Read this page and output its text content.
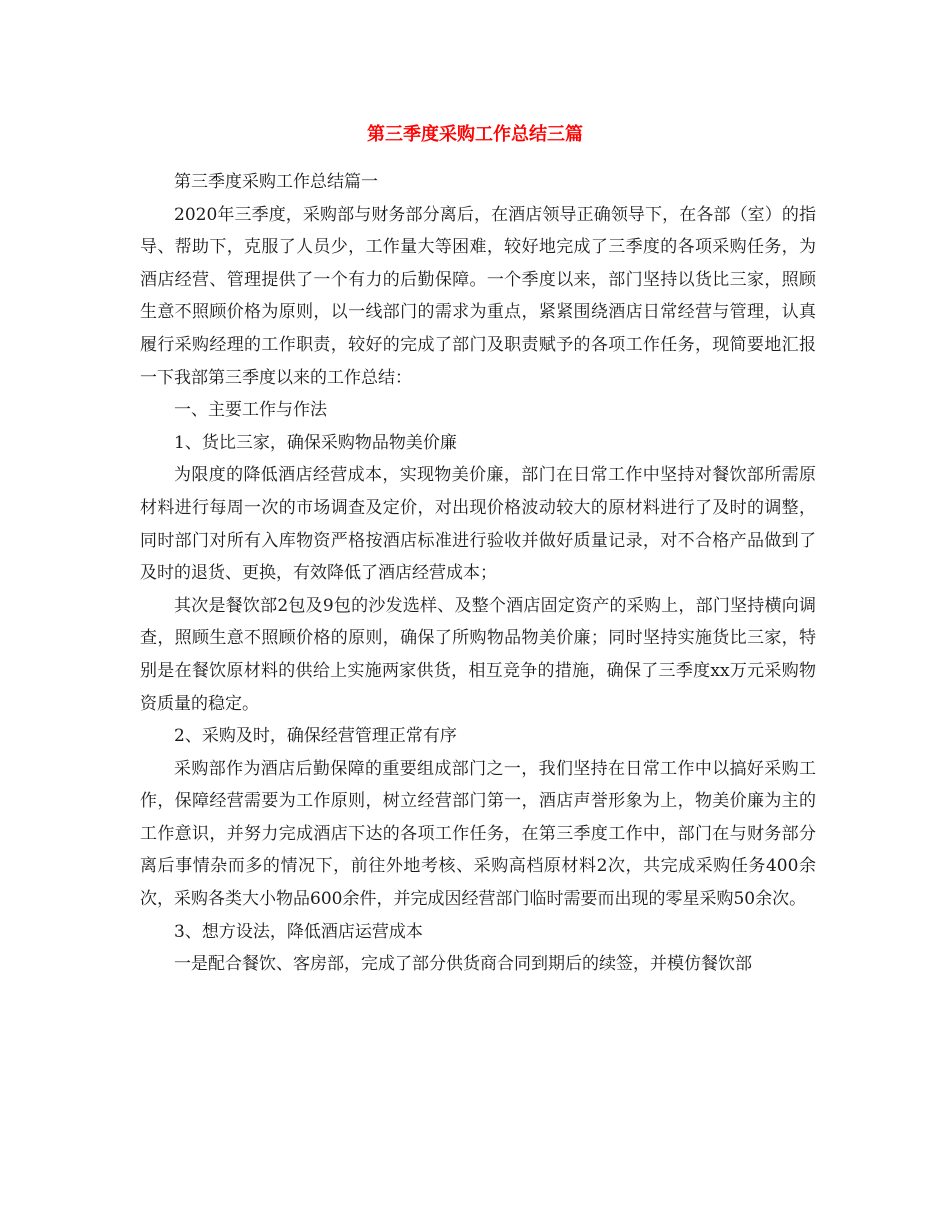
第三季度采购工作总结三篇

第三季度采购工作总结篇一

2020年三季度，采购部与财务部分离后，在酒店领导正确领导下，在各部（室）的指导、帮助下，克服了人员少，工作量大等困难，较好地完成了三季度的各项采购任务，为酒店经营、管理提供了一个有力的后勤保障。一个季度以来，部门坚持以货比三家，照顾生意不照顾价格为原则，以一线部门的需求为重点，紧紧围绕酒店日常经营与管理，认真履行采购经理的工作职责，较好的完成了部门及职责赋予的各项工作任务，现简要地汇报一下我部第三季度以来的工作总结：

一、主要工作与作法

1、货比三家，确保采购物品物美价廉

为限度的降低酒店经营成本，实现物美价廉，部门在日常工作中坚持对餐饮部所需原材料进行每周一次的市场调查及定价，对出现价格波动较大的原材料进行了及时的调整，同时部门对所有入库物资严格按酒店标准进行验收并做好质量记录，对不合格产品做到了及时的退货、更换，有效降低了酒店经营成本；

其次是餐饮部2包及9包的沙发选样、及整个酒店固定资产的采购上，部门坚持横向调查，照顾生意不照顾价格的原则，确保了所购物品物美价廉；同时坚持实施货比三家，特别是在餐饮原材料的供给上实施两家供货，相互竞争的措施，确保了三季度xx万元采购物资质量的稳定。

2、采购及时，确保经营管理正常有序

采购部作为酒店后勤保障的重要组成部门之一，我们坚持在日常工作中以搞好采购工作，保障经营需要为工作原则，树立经营部门第一，酒店声誉形象为上，物美价廉为主的工作意识，并努力完成酒店下达的各项工作任务，在第三季度工作中，部门在与财务部分离后事情杂而多的情况下，前往外地考核、采购高档原材料2次，共完成采购任务400余次，采购各类大小物品600余件，并完成因经营部门临时需要而出现的零星采购50余次。

3、想方设法，降低酒店运营成本

一是配合餐饮、客房部，完成了部分供货商合同到期后的续签，并模仿餐饮部
